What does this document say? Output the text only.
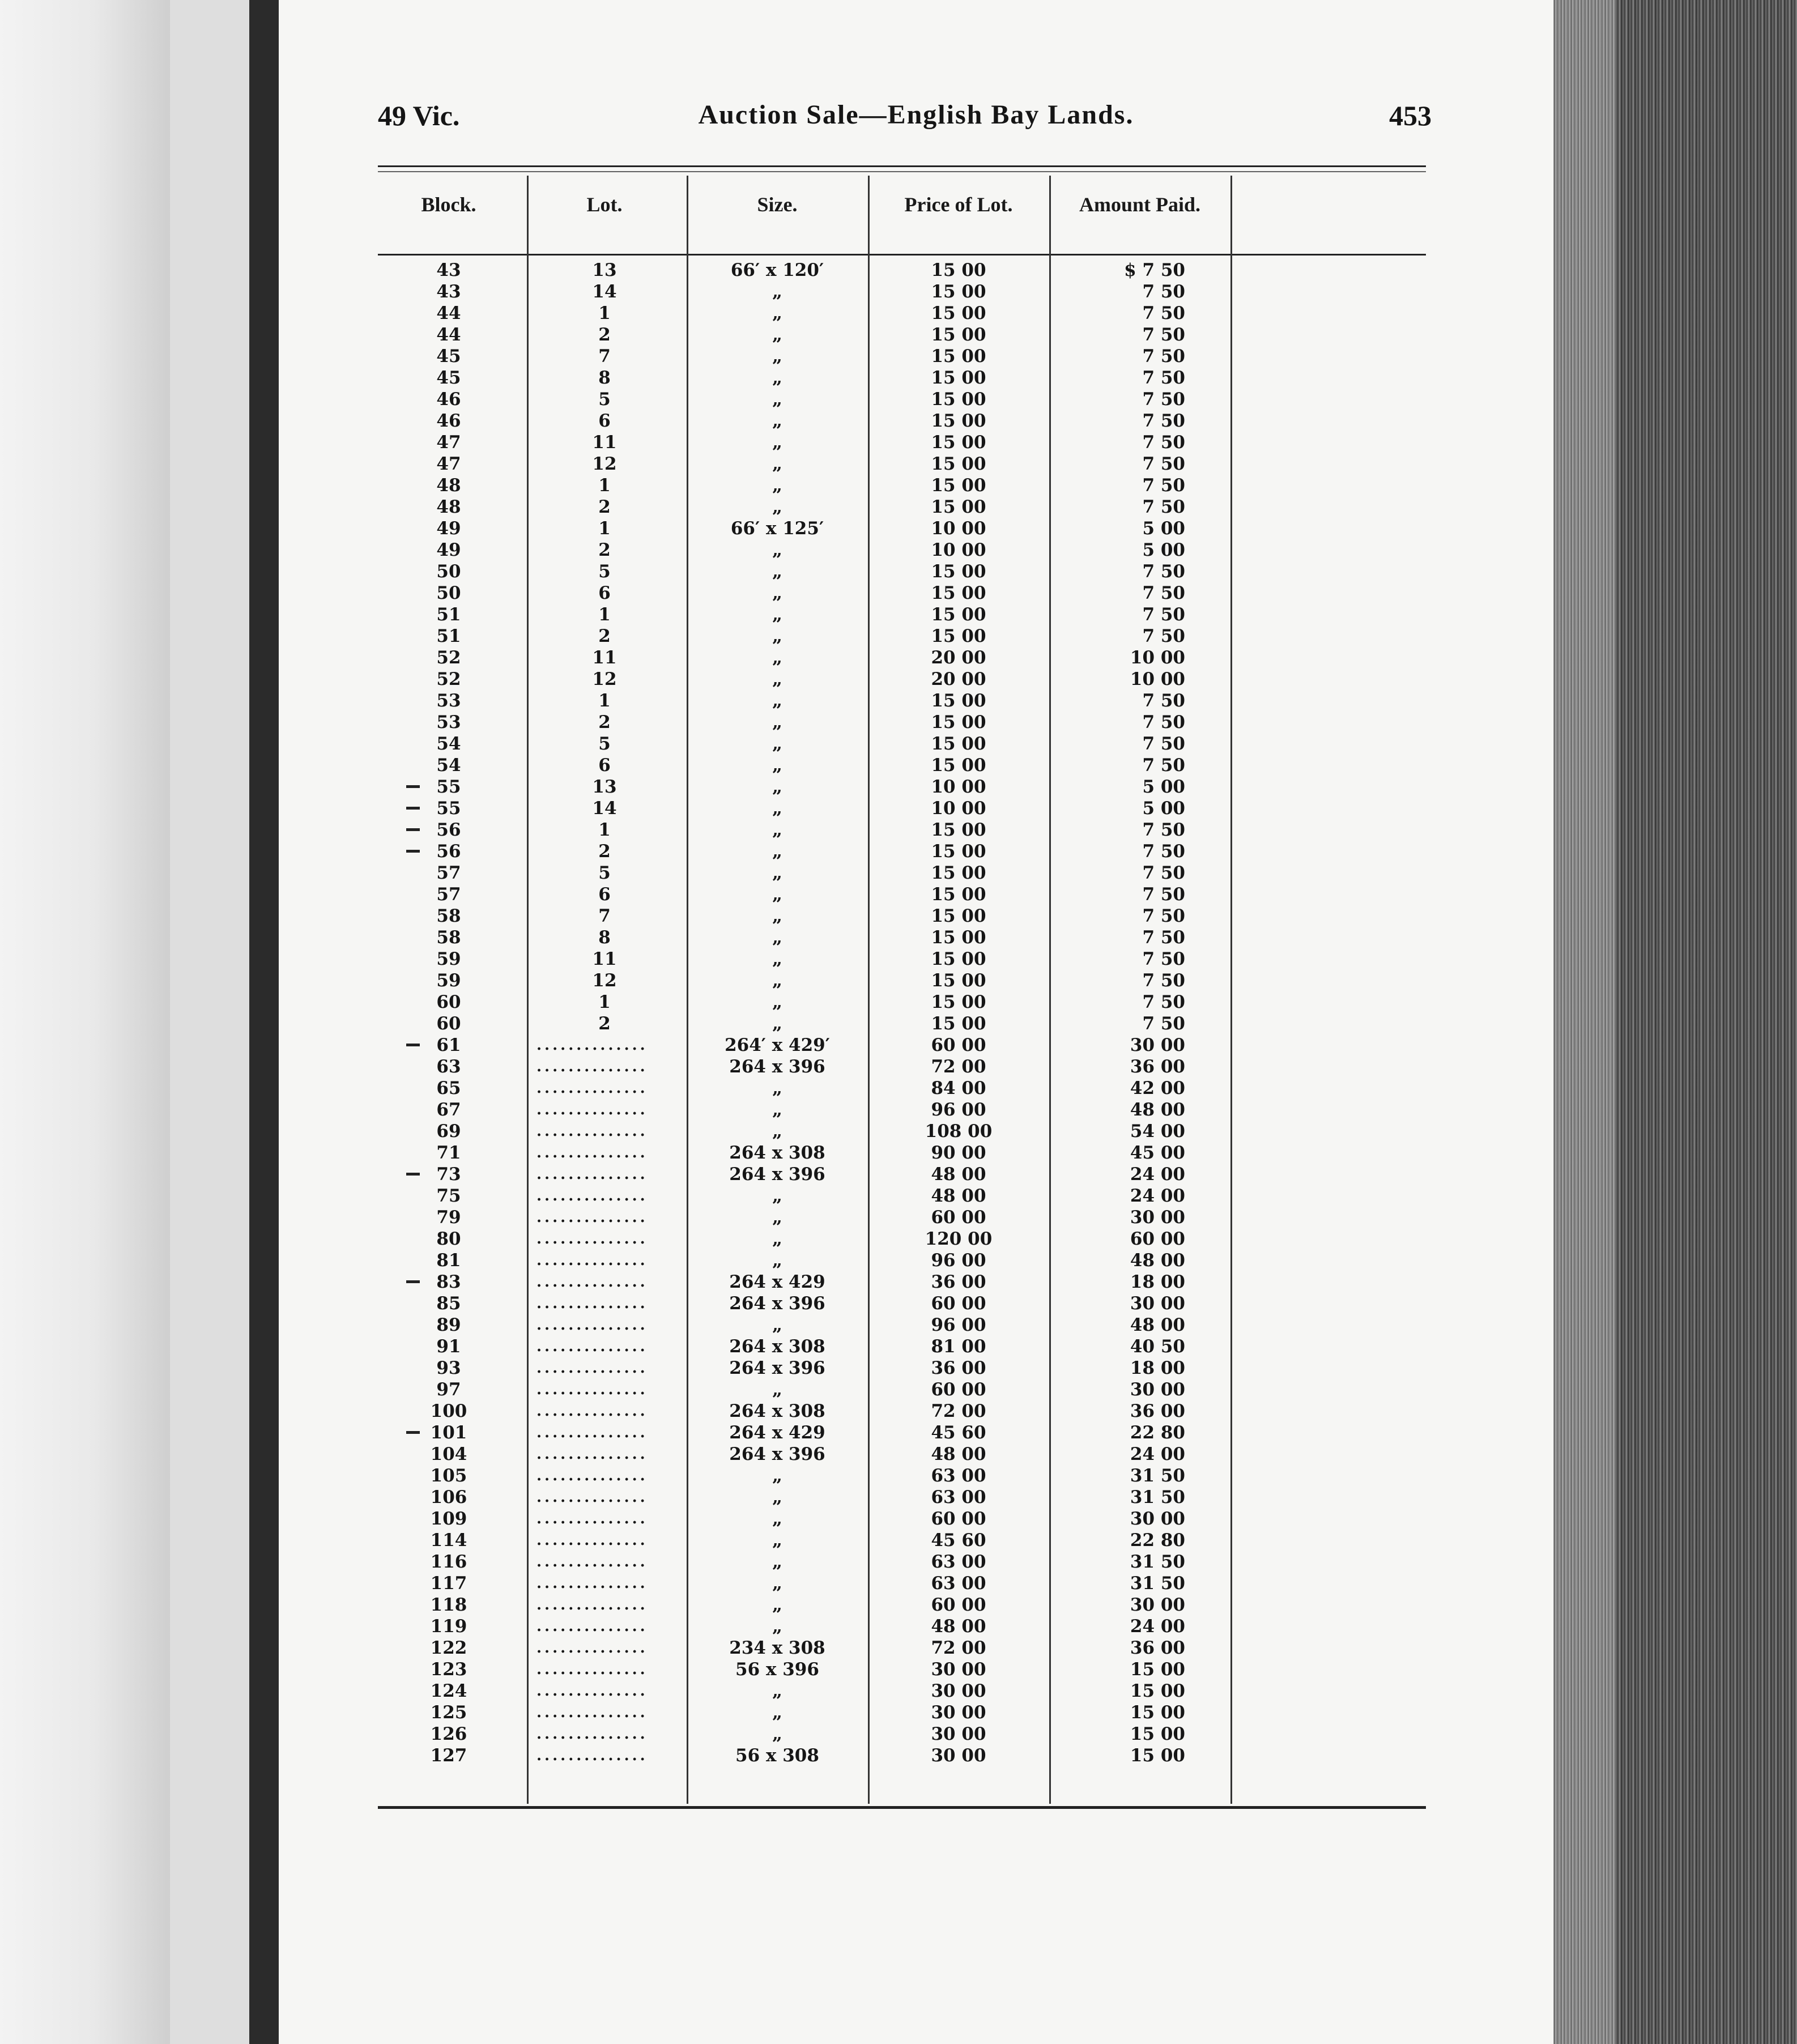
49 Vic.	Auction Sale—English Bay Lands.	453
Block.	Lot.	Size.	Price of Lot.	Amount Paid.
43	13	66′ x 120′	15 00	$ 7 50
43	14	„	15 00	7 50
44	1	„	15 00	7 50
44	2	„	15 00	7 50
45	7	„	15 00	7 50
45	8	„	15 00	7 50
46	5	„	15 00	7 50
46	6	„	15 00	7 50
47	11	„	15 00	7 50
47	12	„	15 00	7 50
48	1	„	15 00	7 50
48	2	„	15 00	7 50
49	1	66′ x 125′	10 00	5 00
49	2	„	10 00	5 00
50	5	„	15 00	7 50
50	6	„	15 00	7 50
51	1	„	15 00	7 50
51	2	„	15 00	7 50
52	11	„	20 00	10 00
52	12	„	20 00	10 00
53	1	„	15 00	7 50
53	2	„	15 00	7 50
54	5	„	15 00	7 50
54	6	„	15 00	7 50
55	13	„	10 00	5 00
55	14	„	10 00	5 00
56	1	„	15 00	7 50
56	2	„	15 00	7 50
57	5	„	15 00	7 50
57	6	„	15 00	7 50
58	7	„	15 00	7 50
58	8	„	15 00	7 50
59	11	„	15 00	7 50
59	12	„	15 00	7 50
60	1	„	15 00	7 50
60	2	„	15 00	7 50
61	..............	264′ x 429′	60 00	30 00
63	..............	264 x 396	72 00	36 00
65	..............	„	84 00	42 00
67	..............	„	96 00	48 00
69	..............	„	108 00	54 00
71	..............	264 x 308	90 00	45 00
73	..............	264 x 396	48 00	24 00
75	..............	„	48 00	24 00
79	..............	„	60 00	30 00
80	..............	„	120 00	60 00
81	..............	„	96 00	48 00
83	..............	264 x 429	36 00	18 00
85	..............	264 x 396	60 00	30 00
89	..............	„	96 00	48 00
91	..............	264 x 308	81 00	40 50
93	..............	264 x 396	36 00	18 00
97	..............	„	60 00	30 00
100	..............	264 x 308	72 00	36 00
101	..............	264 x 429	45 60	22 80
104	..............	264 x 396	48 00	24 00
105	..............	„	63 00	31 50
106	..............	„	63 00	31 50
109	..............	„	60 00	30 00
114	..............	„	45 60	22 80
116	..............	„	63 00	31 50
117	..............	„	63 00	31 50
118	..............	„	60 00	30 00
119	..............	„	48 00	24 00
122	..............	234 x 308	72 00	36 00
123	..............	56 x 396	30 00	15 00
124	..............	„	30 00	15 00
125	..............	„	30 00	15 00
126	..............	„	30 00	15 00
127	..............	56 x 308	30 00	15 00
